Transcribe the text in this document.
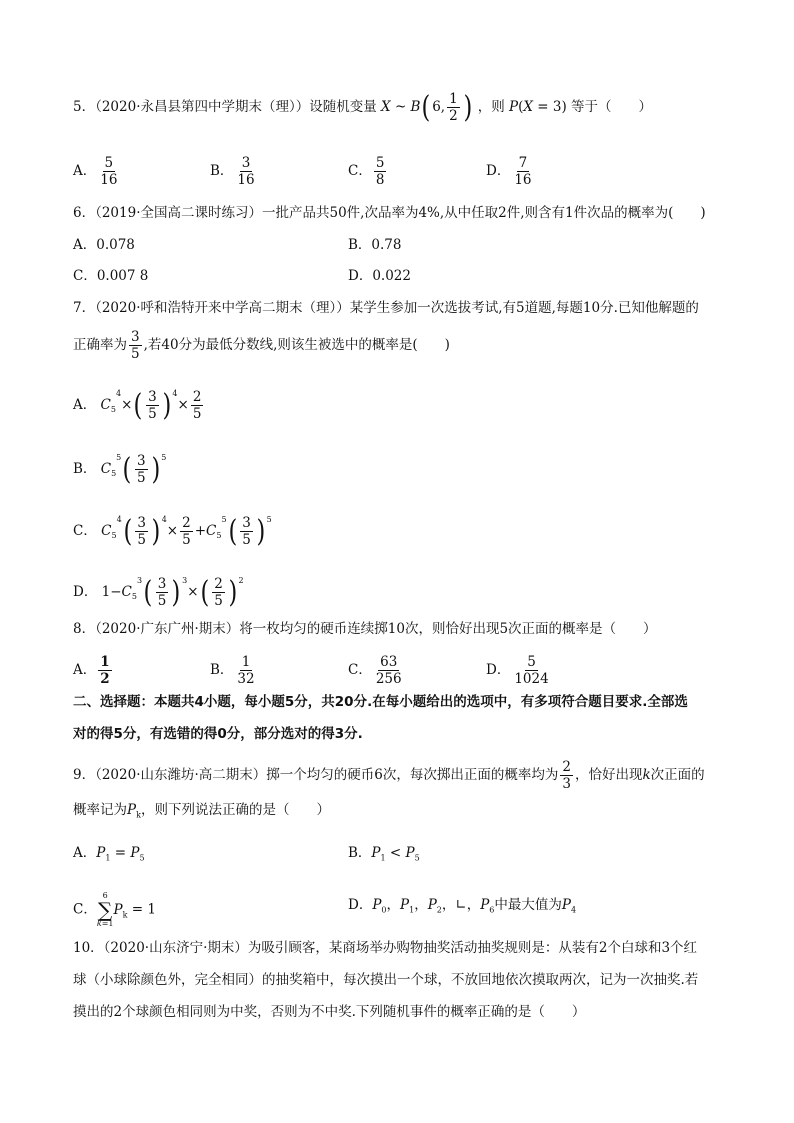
5．（2020·永昌县第四中学期末（理））设随机变量 X ~ B(6, $\frac{1}{2}$ ) ，则 P(X = 3) 等于（　　）
A． $\frac{5}{16}$	B． $\frac{3}{16}$	C． $\frac{5}{8}$	D． $\frac{7}{16}$
6．（2019·全国高二课时练习）一批产品共50件,次品率为4%,从中任取2件,则含有1件次品的概率为(　　)
A．0.078	B．0.78
C．0.007 8	D．0.022
7．（2020·呼和浩特开来中学高二期末（理））某学生参加一次选拔考试,有5道题,每题10分.已知他解题的
正确率为 $\frac{3}{5}$ ,若40分为最低分数线,则该生被选中的概率是(　　)
A． $C_5^4\times( \frac{3}{5} )^4\times \frac{2}{5}$
B． $C_5^5( \frac{3}{5} )^5$
C． $C_5^4( \frac{3}{5} )^4\times \frac{2}{5} +C_5^5( \frac{3}{5} )^5$
D． $1-C_5^3( \frac{3}{5} )^3\times( \frac{2}{5} )^2$
8．（2020·广东广州·期末）将一枚均匀的硬币连续掷10次，则恰好出现5次正面的概率是（　　）
A． $\frac{1}{2}$	B． $\frac{1}{32}$	C． $\frac{63}{256}$	D． $\frac{5}{1024}$
二、选择题：本题共4小题，每小题5分，共20分.在每小题给出的选项中，有多项符合题目要求.全部选
对的得5分，有选错的得0分，部分选对的得3分.
9．（2020·山东潍坊·高二期末）掷一个均匀的硬币6次，每次掷出正面的概率均为 $\frac{2}{3}$ ，恰好出现k次正面的
概率记为$P_k$，则下列说法正确的是（　　）
A．$P_1 = P_5$	B．$P_1 < P_5$
C．
6
∑
k=1
$P_k = 1$	D．$P_0$，$P_1$，$P_2$，∟，$P_6$中最大值为$P_4$
10．（2020·山东济宁·期末）为吸引顾客，某商场举办购物抽奖活动抽奖规则是：从装有2个白球和3个红
球（小球除颜色外，完全相同）的抽奖箱中，每次摸出一个球，不放回地依次摸取两次，记为一次抽奖.若
摸出的2个球颜色相同则为中奖，否则为不中奖.下列随机事件的概率正确的是（　　）
